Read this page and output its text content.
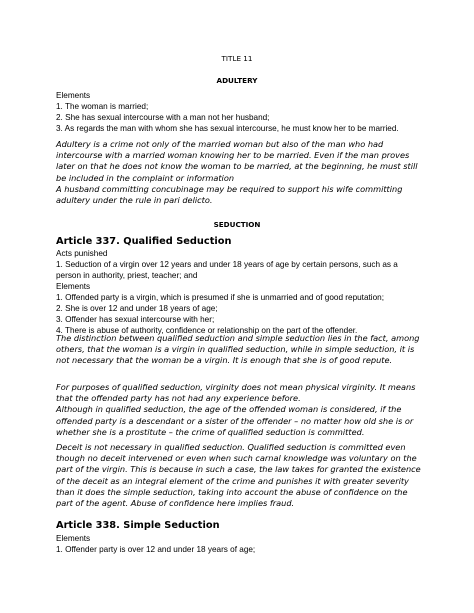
TITLE 11
ADULTERY

Elements

1. The woman is married;

2. She has sexual intercourse with a man not her husband;

3. As regards the man with whom she has sexual intercourse, he must know her to be married.

Adultery is a crime not only of the married woman but also of the man who had intercourse with a married woman knowing her to be married. Even if the man proves later on that he does not know the woman to be married, at the beginning, he must still be included in the complaint or information

A husband committing concubinage may be required to support his wife committing adultery under the rule in pari delicto.

SEDUCTION
Article 337. Qualified Seduction

Acts punished

1. Seduction of a virgin over 12 years and under 18 years of age by certain persons, such as a person in authority, priest, teacher; and

Elements

1. Offended party is a virgin, which is presumed if she is unmarried and of good reputation;

2. She is over 12 and under 18 years of age;

3. Offender has sexual intercourse with her;

4. There is abuse of authority, confidence or relationship on the part of the offender.

The distinction between qualified seduction and simple seduction lies in the fact, among others, that the woman is a virgin in qualified seduction, while in simple seduction, it is not necessary that the woman be a virgin. It is enough that she is of good repute.

For purposes of qualified seduction, virginity does not mean physical virginity. It means that the offended party has not had any experience before.

Although in qualified seduction, the age of the offended woman is considered, if the offended party is a descendant or a sister of the offender – no matter how old she is or whether she is a prostitute – the crime of qualified seduction is committed.

Deceit is not necessary in qualified seduction. Qualified seduction is committed even though no deceit intervened or even when such carnal knowledge was voluntary on the part of the virgin. This is because in such a case, the law takes for granted the existence of the deceit as an integral element of the crime and punishes it with greater severity than it does the simple seduction, taking into account the abuse of confidence on the part of the agent. Abuse of confidence here implies fraud.

Article 338. Simple Seduction

Elements

1. Offender party is over 12 and under 18 years of age;
